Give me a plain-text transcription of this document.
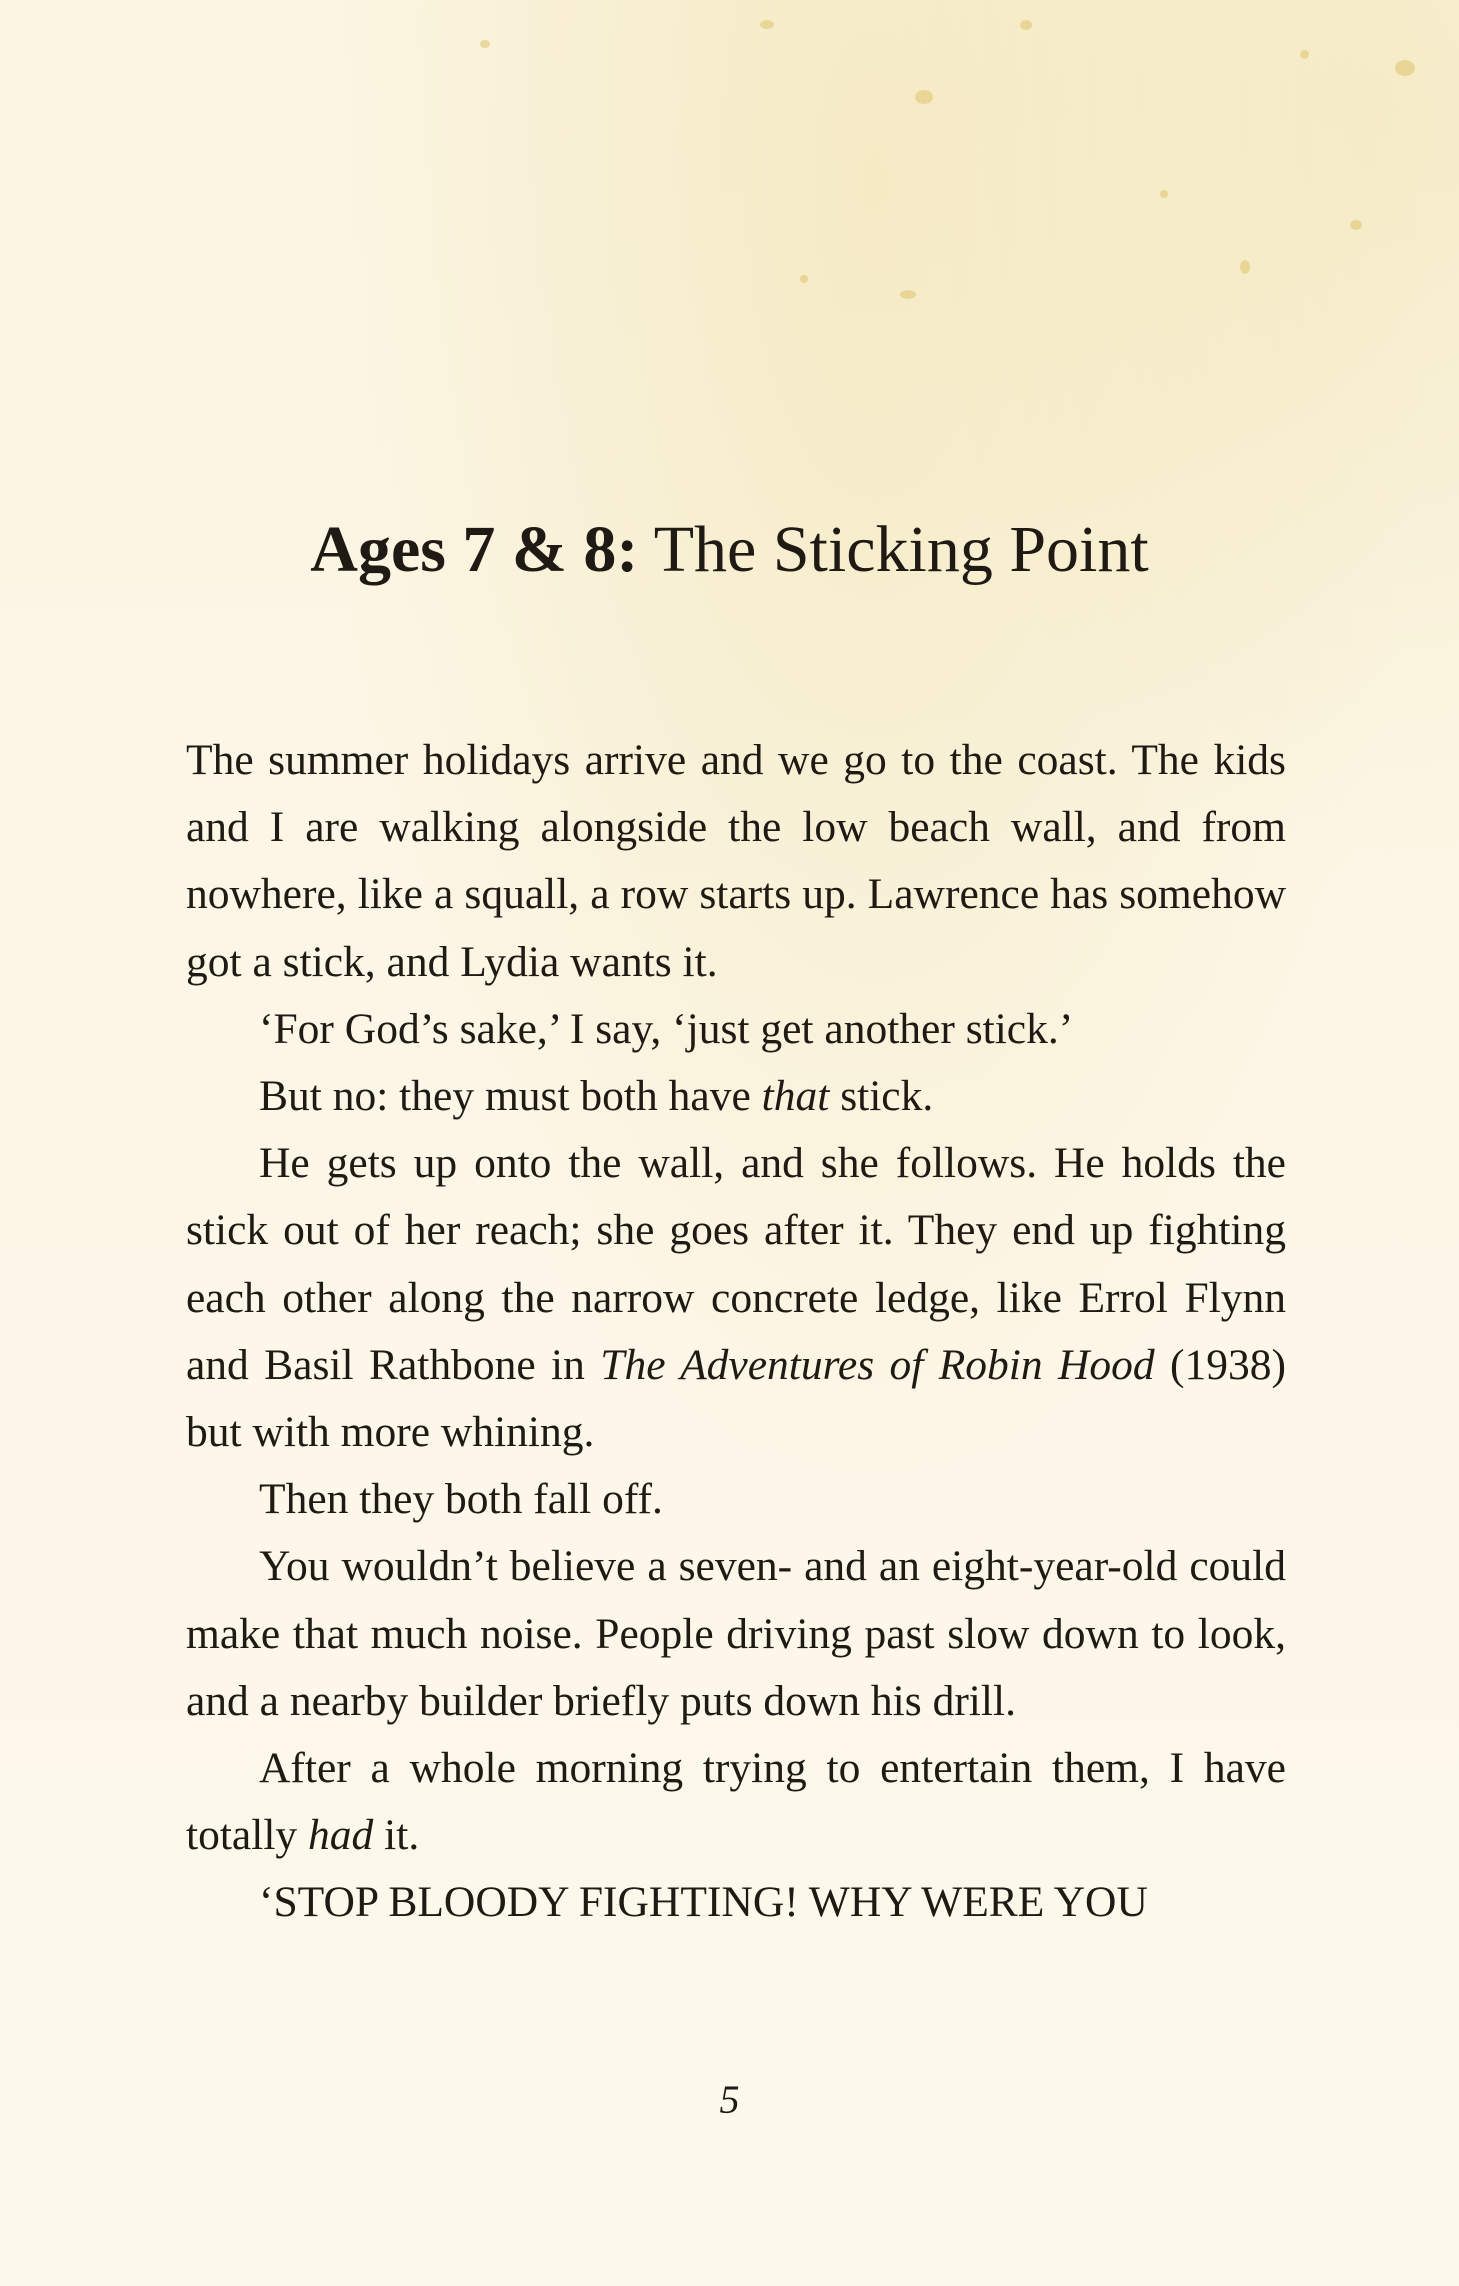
Ages 7 & 8: The Sticking Point

The summer holidays arrive and we go to the coast. The kids and I are walking alongside the low beach wall, and from nowhere, like a squall, a row starts up. Lawrence has somehow got a stick, and Lydia wants it.

‘For God’s sake,’ I say, ‘just get another stick.’

But no: they must both have that stick.

He gets up onto the wall, and she follows. He holds the stick out of her reach; she goes after it. They end up fighting each other along the narrow concrete ledge, like Errol Flynn and Basil Rathbone in The Adventures of Robin Hood (1938) but with more whining.

Then they both fall off.

You wouldn’t believe a seven- and an eight-year-old could make that much noise. People driving past slow down to look, and a nearby builder briefly puts down his drill.

After a whole morning trying to entertain them, I have totally had it.

‘STOP BLOODY FIGHTING! WHY WERE YOU

5
